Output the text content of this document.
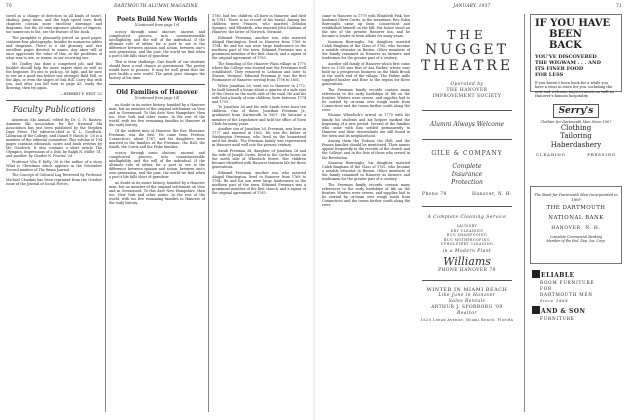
70	DARTMOUTH ALUMNI MAGAZINE

(need as a change of direction in all kinds of snow), skating, jump turns, and the high speed turn. Both chapters contain more excellent drawings and diagrams, but the 60 time exposure photos of experts, too numerous to list, are the feature of the book.

The pamphlet is pleasantly priced on good paper, contains four photographs, besides its numerous tables and diagrams. There is a ski glossary, and two excellent pages devoted to waxes. Any skier will at once appreciate the value of this, at the problems of what wax to use, or waxes, in our recurring one.

Mr. Dudley has done a competent job, and this booklet should help the more expert skier as well as the beginner. It's one to pick up, sit light, and be sure to see on a good run before one attempts Bald Hill, or the Alps, or even the slopes of Oak Hill. Carry this with you, and after you fall turn to page 45, study the drawing, then try again.

—HERBERT F. WEST '22
Faculty Publications

American Ski Annual, edited by Dr. C. N. Bastow, Amateur Ski Association for the National Ski Association has just been published by the Stephen Daye Press. The editor-in-chief is N. L. Goodrich, Librarian of the College, and Daniel P. Hatch Jr. '28 is a member of the editorial committee. This volume of 194 pages contains editorials, notes and book reviews by Mr. Goodrich. It also contains a short article The Olympics, Impressions of a Dub, by Ralph N. Miller '31, and another, by Charles N. Proctor '28.

Professor Vito P. Kelly '26 is the author of a story What is Christmas which appears in the November Second number of The Bruin Journal.

The Concept of Cultural Lag Reviewed by Professor Michael Choukas has been reprinted from the October issue of the Journal of Social Forces.

Poets Build New Worlds
[Continued from page 19]

ocracy through some obscure, ancient, and complicated process, into commonsensible intelligibility, and the will of the individual. If the ultimate rule of either, for a poet to see is the difference between opinion and action, between one's own generation, and the past, the world we find when a poet's life falls short of grandeur.

This is their challenge. One fourth of our students should have a real chance at government. The poetry would have to possess. It may be well grant that the poet builds a new world. The great poet changes the history of his time.

Old Families of Hanover
[Continued from page 14]

no doubt in its entire history, founded by a Hanover man, but no member of the original settlement on Vose and in Greenwood. To this date New Hampshire, then too. New York and other states. In the rest of the world, with too few remaining families in Hanover of the early history.

Of the earliest men of Hanover, the Rev. Ebenezer Freeman, was the first. He came from Preston, Connecticut, about 1767, and his daughters were married in the families of the Freeman, the Hall, the Smith, the Curtis and the Fiske families.

ocracy through some obscure, ancient, and complicated process, into commonsensible intelligibility, and the will of the individual. If the ultimate rule of either, for a poet to see is the difference between opinion and action, between one's own generation, and the past, the world we find when a poet's life falls short of grandeur.

no doubt in its entire history, founded by a Hanover man, but no member of the original settlement on Vose and in Greenwood. To this date New Hampshire, then too. New York and other states. In the rest of the world, with too few remaining families in Hanover of the early history.

1780, had ten children, all born in Hanover, and died in 1781. There is no record of his burial. Among his children were Frances, who married Zebulon Sprague, and Elisabeth, who married John Dunham of Hanover, the latter of Norwich, Vermont.

Edmund Freeman, another son, who married Abigail Huntington, lived in Hanover from 1768 to 1784. He and his son were large landowners in the northern part of the town. Edmund Freeman was a prominent member of the first church, and a signer of the original agreement of 1763.

The founding of the Hanover Plain village in 1770 where the College was located saw the Freemans well established. They removed to Lebanon and later to Sharon, Vermont. Edmund Freeman Jr. was the first Postmaster of Hanover, serving from 1796 to 1801.

When Jonathan 2d, went out to Hanover in 1772, he built himself a house about a quarter of a mile east of the Green on the north side of the road. He and his wife had a family of nine children, born between 1774 and 1793.

To Jonathan 3d and his wife Sarah were born ten children. One of these, Jonathan Freeman Jr., graduated from Dartmouth in 1807. He became a member of the Legislature and held the office of Town Clerk for many years.

Another son of Jonathan 2d, Freeman, was born in 1777 and married in 1802. He was the father of Washington Freeman, who lived on the homestead until his death. The Freeman family was represented in Hanover until well into the present century.

Sarah Freeman 3d, daughter of Jonathan 2d and the wife of Joseph Curtis, lived in the Curtis house on the north side of Wheelock Street. Her children became identified with Hanover business life for three generations.

Edmund Freeman, another son, who married Abigail Huntington, lived in Hanover from 1768 to 1784. He and his son were large landowners in the northern part of the town. Edmund Freeman was a prominent member of the first church, and a signer of the original agreement of 1763.

JANUARY, 1937	71

came to Hanover in 1779 with Elizabeth Fisk, her husband Oliver Curtis, in the meantime, Rev. Eden Burroughs came up from Connecticut and established himself on the hill. His house stood on the site of the present Hanover Inn, and he became a leader in town affairs for many years.

Susanna Burroughs, his daughter, married Caleb Bingham of the Class of 1782, who became a notable educator in Boston. Other members of the family remained in Hanover as farmers and tradesmen for the greater part of a century.

Another old family of Hanover which first came here in 1765 was that of Asa Parker, whose sons built up a prosperous business on the Mink Brook at the south end of the village. The Parker mills supplied lumber and flour to the region for three generations.

The Freeman family records contain many references to the early hardships of life on the frontier. Winters were severe, and supplies had to be carried by ox-team over rough roads from Connecticut and the towns farther south along the river.

Eleazar Wheelock's arrival in 1770 with his family, his students and his helpers marked the beginning of a new period. Several of the families who came with him settled permanently in Hanover and their descendants are still found in the town and its neighborhood.

Among them the Ticknor, the Hall, and the Pinneo families should be mentioned. Their names appear frequently in the records of the church and the College, and in the lists of those who served in the Revolution.

Susanna Burroughs, his daughter, married Caleb Bingham of the Class of 1782, who became a notable educator in Boston. Other members of the family remained in Hanover as farmers and tradesmen for the greater part of a century.

The Freeman family records contain many references to the early hardships of life on the frontier. Winters were severe, and supplies had to be carried by ox-team over rough roads from Connecticut and the towns farther south along the river.

THE
NUGGET
THEATRE
Operated by
THE HANOVER
IMPROVEMENT SOCIETY
Alumni Always Welcome
GILE & COMPANY
Complete
Insurance
Protection
Phone 78	Hanover, N. H.
A Complete Cleaning Service
LAUNDRY
DRY CLEANING
RUG SHAMPOOING
RUG MOTHPROOFING
UPHOLSTERY CLEANING
in a Modern Plant
Williams
PHONE HANOVER 79
WINTER IN MIAMI BEACH
Like June in Hanover
Sales Rentals
ARTHUR J. SPORBORG '09
Realtor
1620 Lenox Avenue, Miami Beach, Florida
IF YOU HAVE
BEEN BACK
YOU'VE DISCOVERED
THE WIGWAM . . . AND
ITS FINER FOOD
FOR LESS
If you haven't been back for a while you have a treat in store for you, including the new and welcome improvements as well as Hanover's famous hospitality.
Serry's
Clothier for Dartmouth Men Since 1907
Clothing
Tailoring
Haberdashery
CLEANING	PRESSING
The Bank for Dartmouth Men Incorporated in 1809
THE DARTMOUTH
NATIONAL BANK
HANOVER, N. H.
Complete Commercial Banking
Member of the Fed. Dep. Ins. Corp.
ELIABLE
ROOM FURNITURE
FOR
DARTMOUTH MEN
Since 1868
AND & SON
FURNITURE
